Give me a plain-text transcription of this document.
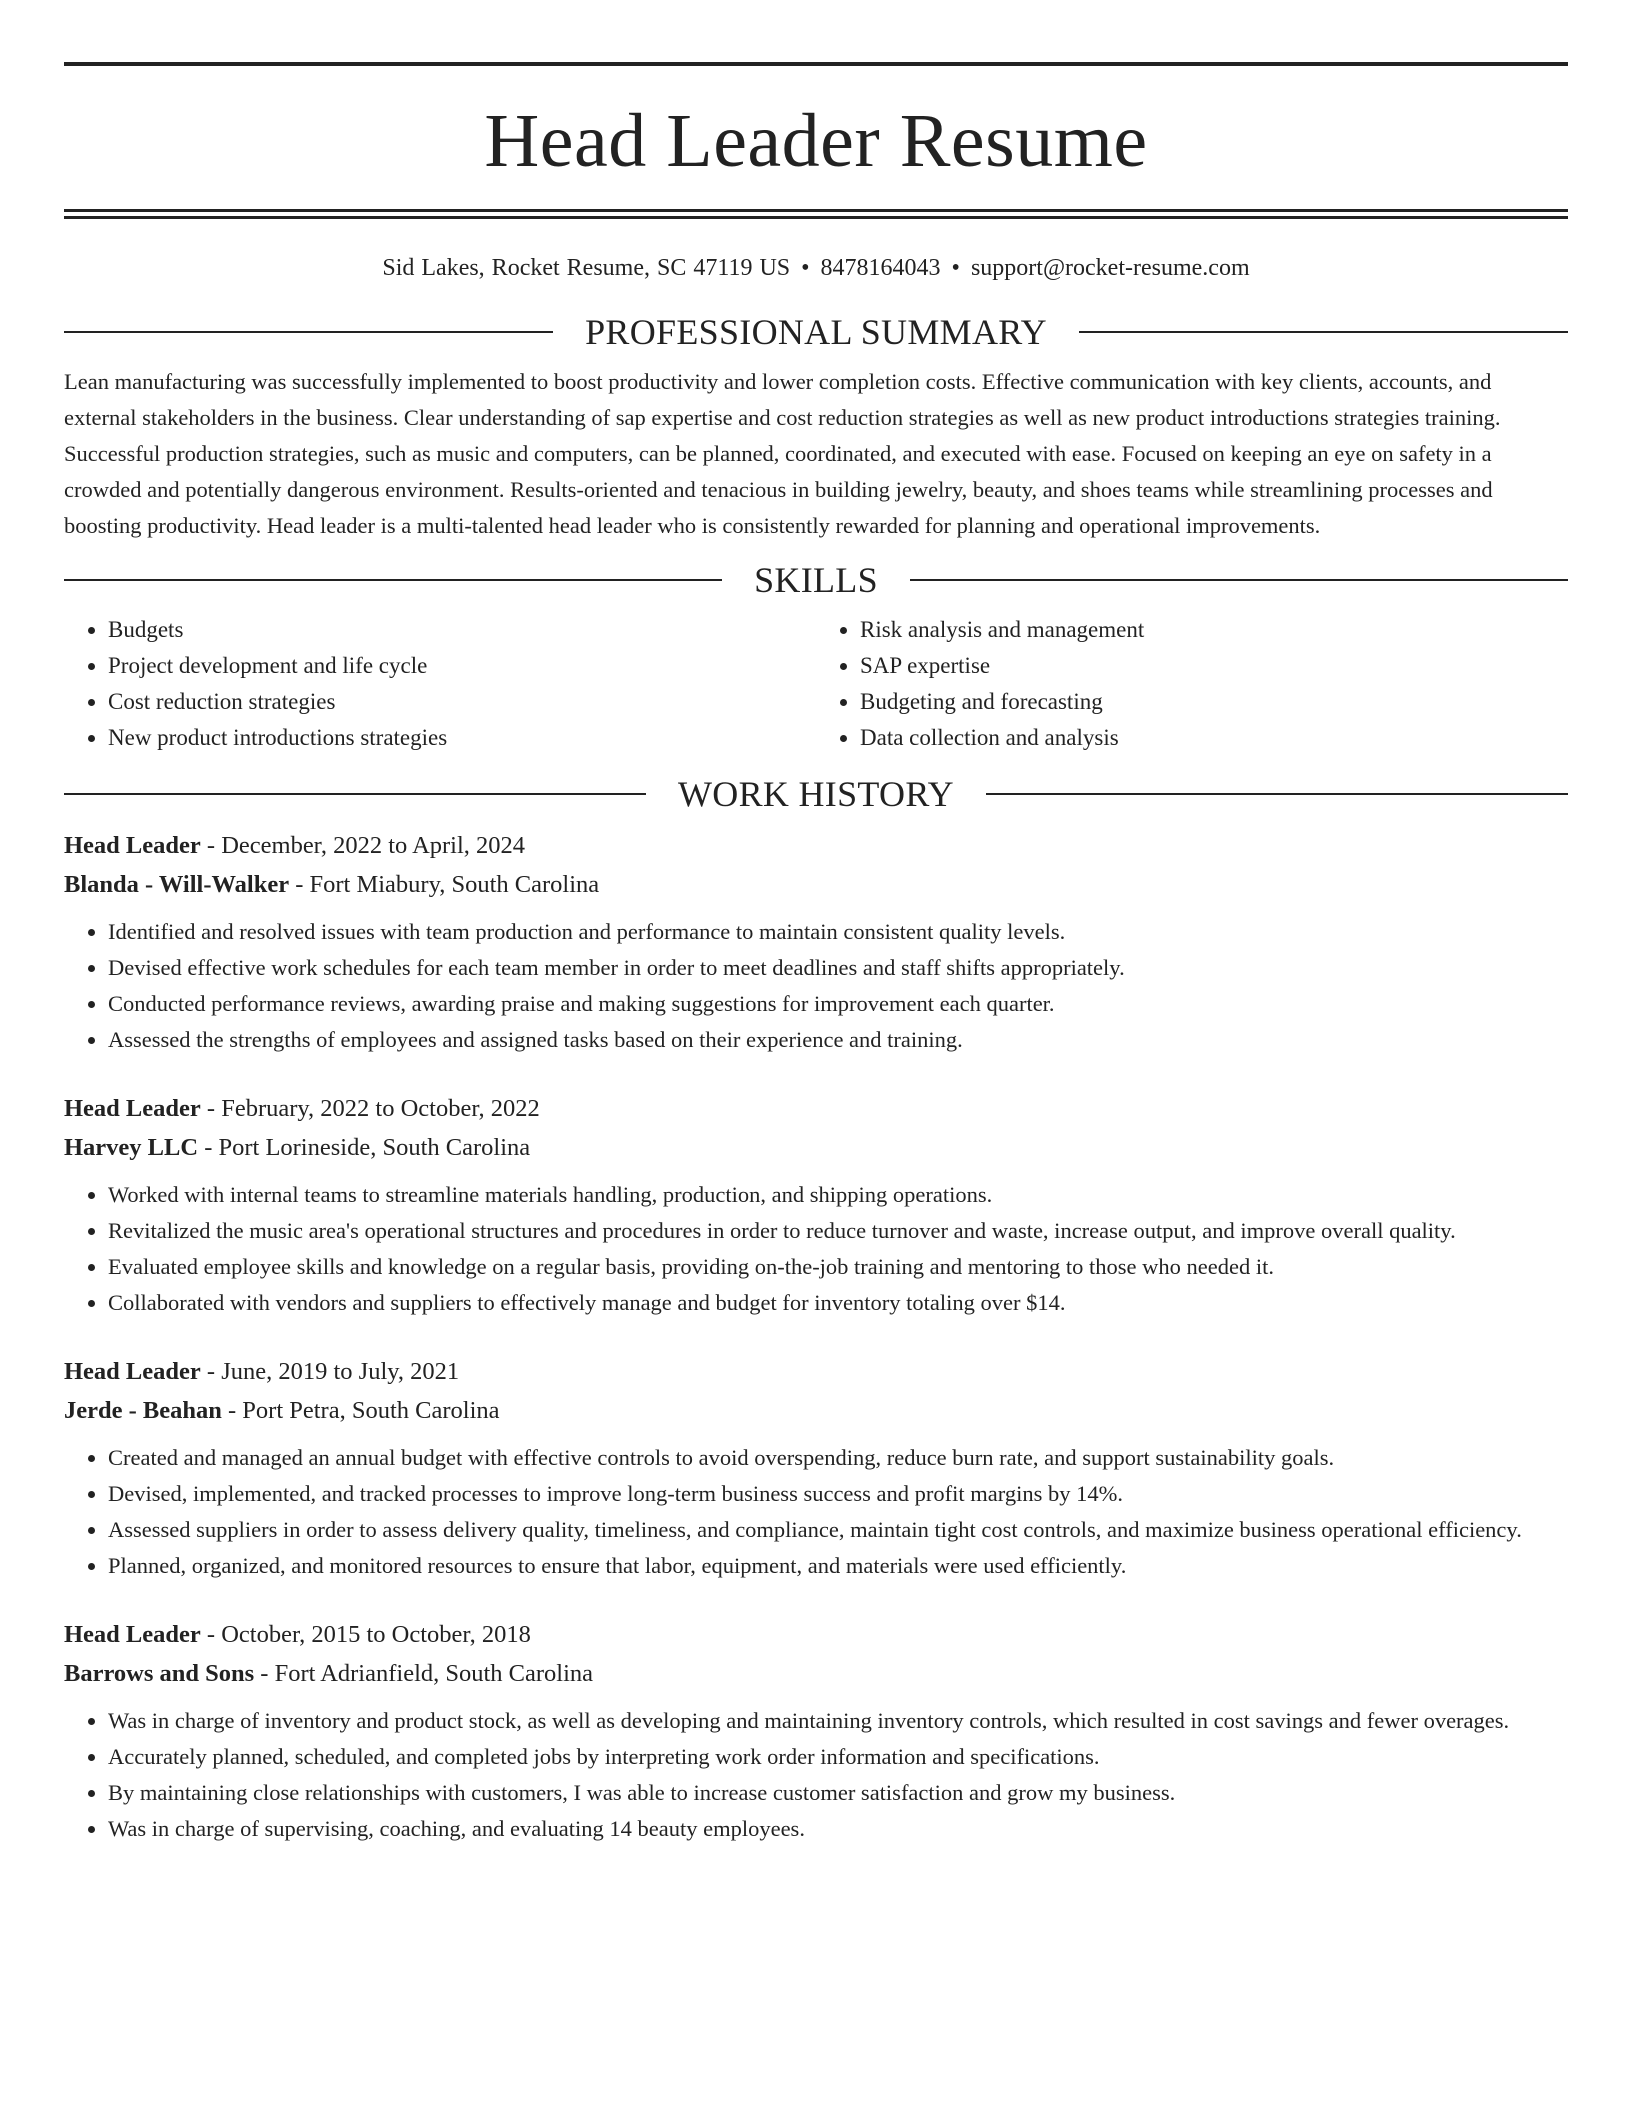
Head Leader Resume
Sid Lakes, Rocket Resume, SC 47119 US • 8478164043 • support@rocket-resume.com
PROFESSIONAL SUMMARY

Lean manufacturing was successfully implemented to boost productivity and lower completion costs. Effective communication with key clients, accounts, and external stakeholders in the business. Clear understanding of sap expertise and cost reduction strategies as well as new product introductions strategies training. Successful production strategies, such as music and computers, can be planned, coordinated, and executed with ease. Focused on keeping an eye on safety in a crowded and potentially dangerous environment. Results-oriented and tenacious in building jewelry, beauty, and shoes teams while streamlining processes and boosting productivity. Head leader is a multi-talented head leader who is consistently rewarded for planning and operational improvements.

SKILLS
• Budgets
• Project development and life cycle
• Cost reduction strategies
• New product introductions strategies
• Risk analysis and management
• SAP expertise
• Budgeting and forecasting
• Data collection and analysis
WORK HISTORY
Head Leader - December, 2022 to April, 2024
Blanda - Will-Walker - Fort Miabury, South Carolina
• Identified and resolved issues with team production and performance to maintain consistent quality levels.
• Devised effective work schedules for each team member in order to meet deadlines and staff shifts appropriately.
• Conducted performance reviews, awarding praise and making suggestions for improvement each quarter.
• Assessed the strengths of employees and assigned tasks based on their experience and training.
Head Leader - February, 2022 to October, 2022
Harvey LLC - Port Lorineside, South Carolina
• Worked with internal teams to streamline materials handling, production, and shipping operations.
• Revitalized the music area's operational structures and procedures in order to reduce turnover and waste, increase output, and improve overall quality.
• Evaluated employee skills and knowledge on a regular basis, providing on-the-job training and mentoring to those who needed it.
• Collaborated with vendors and suppliers to effectively manage and budget for inventory totaling over $14.
Head Leader - June, 2019 to July, 2021
Jerde - Beahan - Port Petra, South Carolina
• Created and managed an annual budget with effective controls to avoid overspending, reduce burn rate, and support sustainability goals.
• Devised, implemented, and tracked processes to improve long-term business success and profit margins by 14%.
• Assessed suppliers in order to assess delivery quality, timeliness, and compliance, maintain tight cost controls, and maximize business operational efficiency.
• Planned, organized, and monitored resources to ensure that labor, equipment, and materials were used efficiently.
Head Leader - October, 2015 to October, 2018
Barrows and Sons - Fort Adrianfield, South Carolina
• Was in charge of inventory and product stock, as well as developing and maintaining inventory controls, which resulted in cost savings and fewer overages.
• Accurately planned, scheduled, and completed jobs by interpreting work order information and specifications.
• By maintaining close relationships with customers, I was able to increase customer satisfaction and grow my business.
• Was in charge of supervising, coaching, and evaluating 14 beauty employees.
